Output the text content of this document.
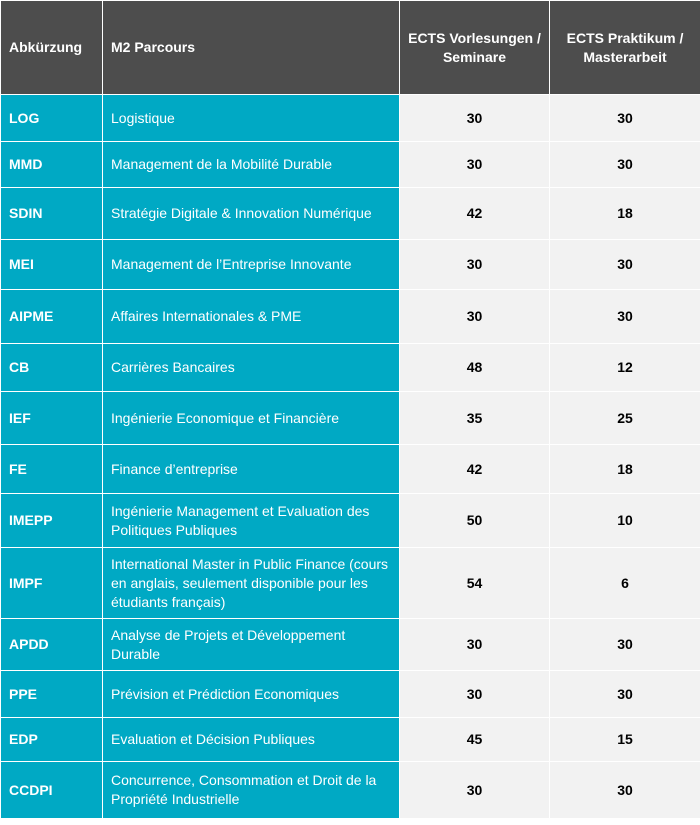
Abkürzung	M2 Parcours	ECTS Vorlesungen / Seminare	ECTS Praktikum / Masterarbeit
LOG	Logistique	30	30
MMD	Management de la Mobilité Durable	30	30
SDIN	Stratégie Digitale & Innovation Numérique	42	18
MEI	Management de l’Entreprise Innovante	30	30
AIPME	Affaires Internationales & PME	30	30
CB	Carrières Bancaires	48	12
IEF	Ingénierie Economique et Financière	35	25
FE	Finance d’entreprise	42	18
IMEPP	Ingénierie Management et Evaluation des Politiques Publiques	50	10
IMPF	International Master in Public Finance (cours en anglais, seulement disponible pour les étudiants français)	54	6
APDD	Analyse de Projets et Développement Durable	30	30
PPE	Prévision et Prédiction Economiques	30	30
EDP	Evaluation et Décision Publiques	45	15
CCDPI	Concurrence, Consommation et Droit de la Propriété Industrielle	30	30
